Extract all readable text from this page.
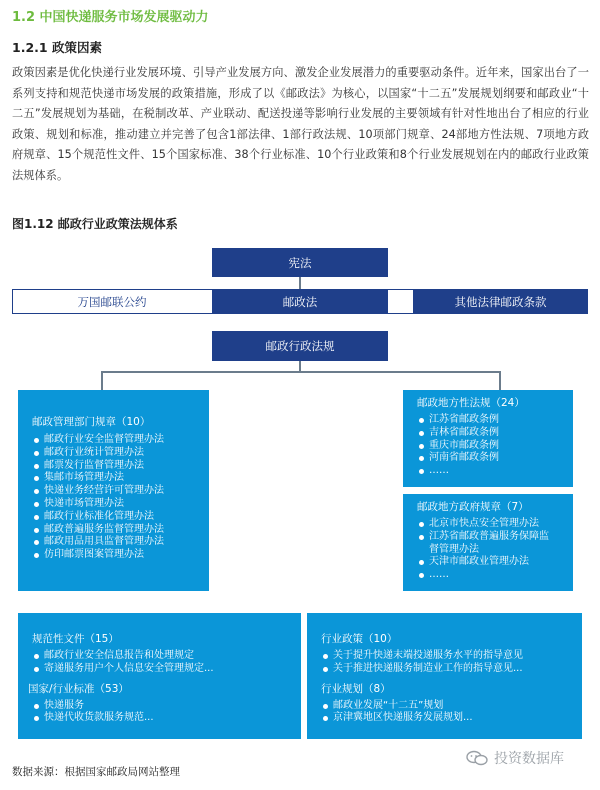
1.2 中国快递服务市场发展驱动力
1.2.1 政策因素
政策因素是优化快递行业发展环境、引导产业发展方向、激发企业发展潜力的重要驱动条件。近年来，国家出台了一系列支持和规范快递市场发展的政策措施，形成了以《邮政法》为核心，以国家“十二五”发展规划纲要和邮政业“十二五”发展规划为基础，在税制改革、产业联动、配送投递等影响行业发展的主要领域有针对性地出台了相应的行业政策、规划和标准，推动建立并完善了包含1部法律、1部行政法规、10项部门规章、24部地方性法规、7项地方政府规章、15个规范性文件、15个国家标准、38个行业标准、10个行业政策和8个行业发展规划在内的邮政行业政策法规体系。
图1.12 邮政行业政策法规体系
宪法
邮政法
万国邮联公约	其他法律邮政条款
邮政行政法规
邮政管理部门规章（10）
邮政行业安全监督管理办法
邮政行业统计管理办法
邮票发行监督管理办法
集邮市场管理办法
快递业务经营许可管理办法
快递市场管理办法
邮政行业标准化管理办法
邮政普遍服务监督管理办法
邮政用品用具监督管理办法
仿印邮票图案管理办法
邮政地方性法规（24）
江苏省邮政条例
吉林省邮政条例
重庆市邮政条例
河南省邮政条例
……
邮政地方政府规章（7）
北京市快点安全管理办法
江苏省邮政普遍服务保障监
督管理办法
天津市邮政业管理办法
……
规范性文件（15）
邮政行业安全信息报告和处理规定
寄递服务用户个人信息安全管理规定...
国家/行业标准（53）
快递服务
快递代收货款服务规范...
行业政策（10）
关于提升快递末端投递服务水平的指导意见
关于推进快递服务制造业工作的指导意见...
行业规划（8）
邮政业发展“十二五”规划
京津冀地区快递服务发展规划...
数据来源：根据国家邮政局网站整理
投资数据库
